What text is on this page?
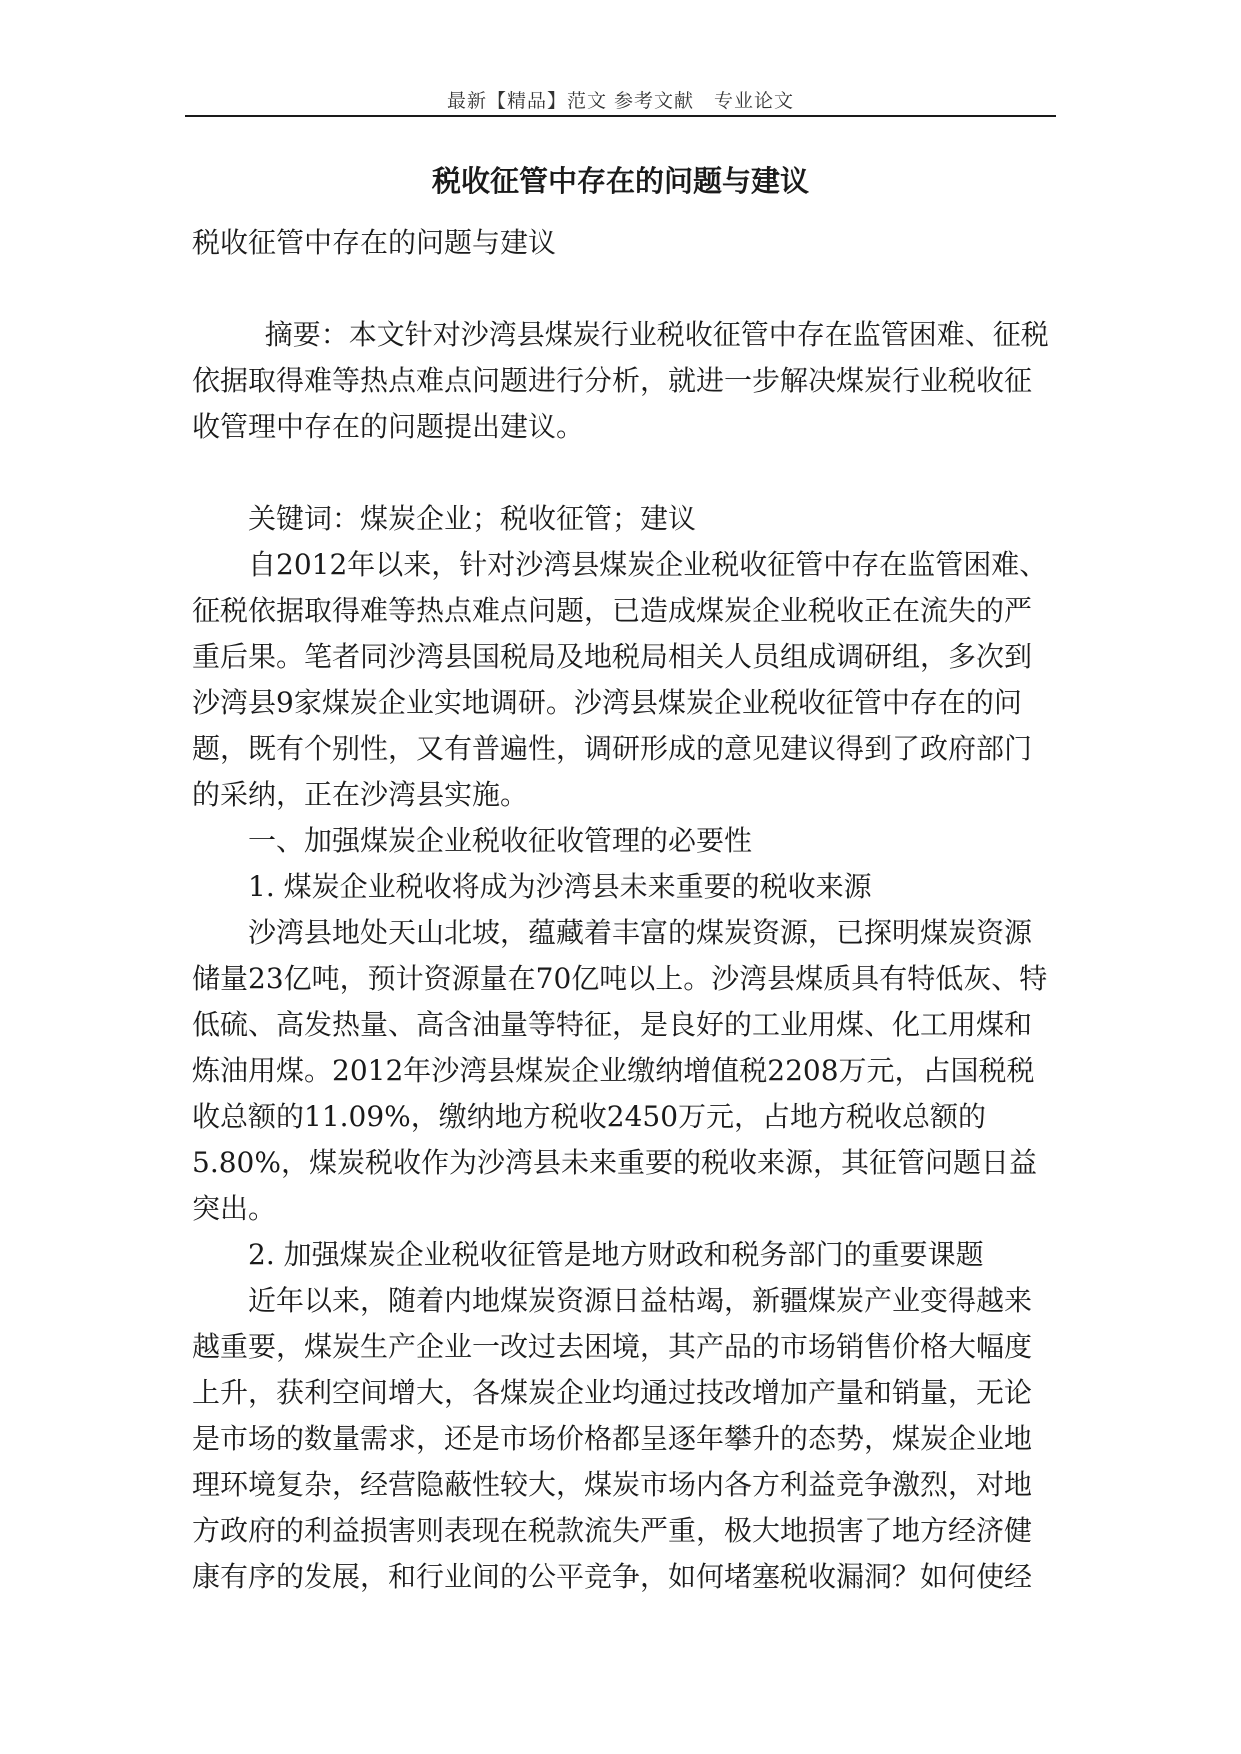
最新【精品】范文 参考文献　专业论文
税收征管中存在的问题与建议

税收征管中存在的问题与建议

摘要：本文针对沙湾县煤炭行业税收征管中存在监管困难、征税依据取得难等热点难点问题进行分析，就进一步解决煤炭行业税收征收管理中存在的问题提出建议。

关键词：煤炭企业；税收征管；建议

自2012年以来，针对沙湾县煤炭企业税收征管中存在监管困难、征税依据取得难等热点难点问题，已造成煤炭企业税收正在流失的严重后果。笔者同沙湾县国税局及地税局相关人员组成调研组，多次到沙湾县9家煤炭企业实地调研。沙湾县煤炭企业税收征管中存在的问题，既有个别性，又有普遍性，调研形成的意见建议得到了政府部门的采纳，正在沙湾县实施。

一、加强煤炭企业税收征收管理的必要性

1. 煤炭企业税收将成为沙湾县未来重要的税收来源

沙湾县地处天山北坡，蕴藏着丰富的煤炭资源，已探明煤炭资源储量23亿吨，预计资源量在70亿吨以上。沙湾县煤质具有特低灰、特低硫、高发热量、高含油量等特征，是良好的工业用煤、化工用煤和炼油用煤。2012年沙湾县煤炭企业缴纳增值税2208万元，占国税税收总额的11.09%，缴纳地方税收2450万元，占地方税收总额的5.80%，煤炭税收作为沙湾县未来重要的税收来源，其征管问题日益突出。

2. 加强煤炭企业税收征管是地方财政和税务部门的重要课题

近年以来，随着内地煤炭资源日益枯竭，新疆煤炭产业变得越来越重要，煤炭生产企业一改过去困境，其产品的市场销售价格大幅度上升，获利空间增大，各煤炭企业均通过技改增加产量和销量，无论是市场的数量需求，还是市场价格都呈逐年攀升的态势，煤炭企业地理环境复杂，经营隐蔽性较大，煤炭市场内各方利益竞争激烈，对地方政府的利益损害则表现在税款流失严重，极大地损害了地方经济健康有序的发展，和行业间的公平竞争，如何堵塞税收漏洞？如何使经
